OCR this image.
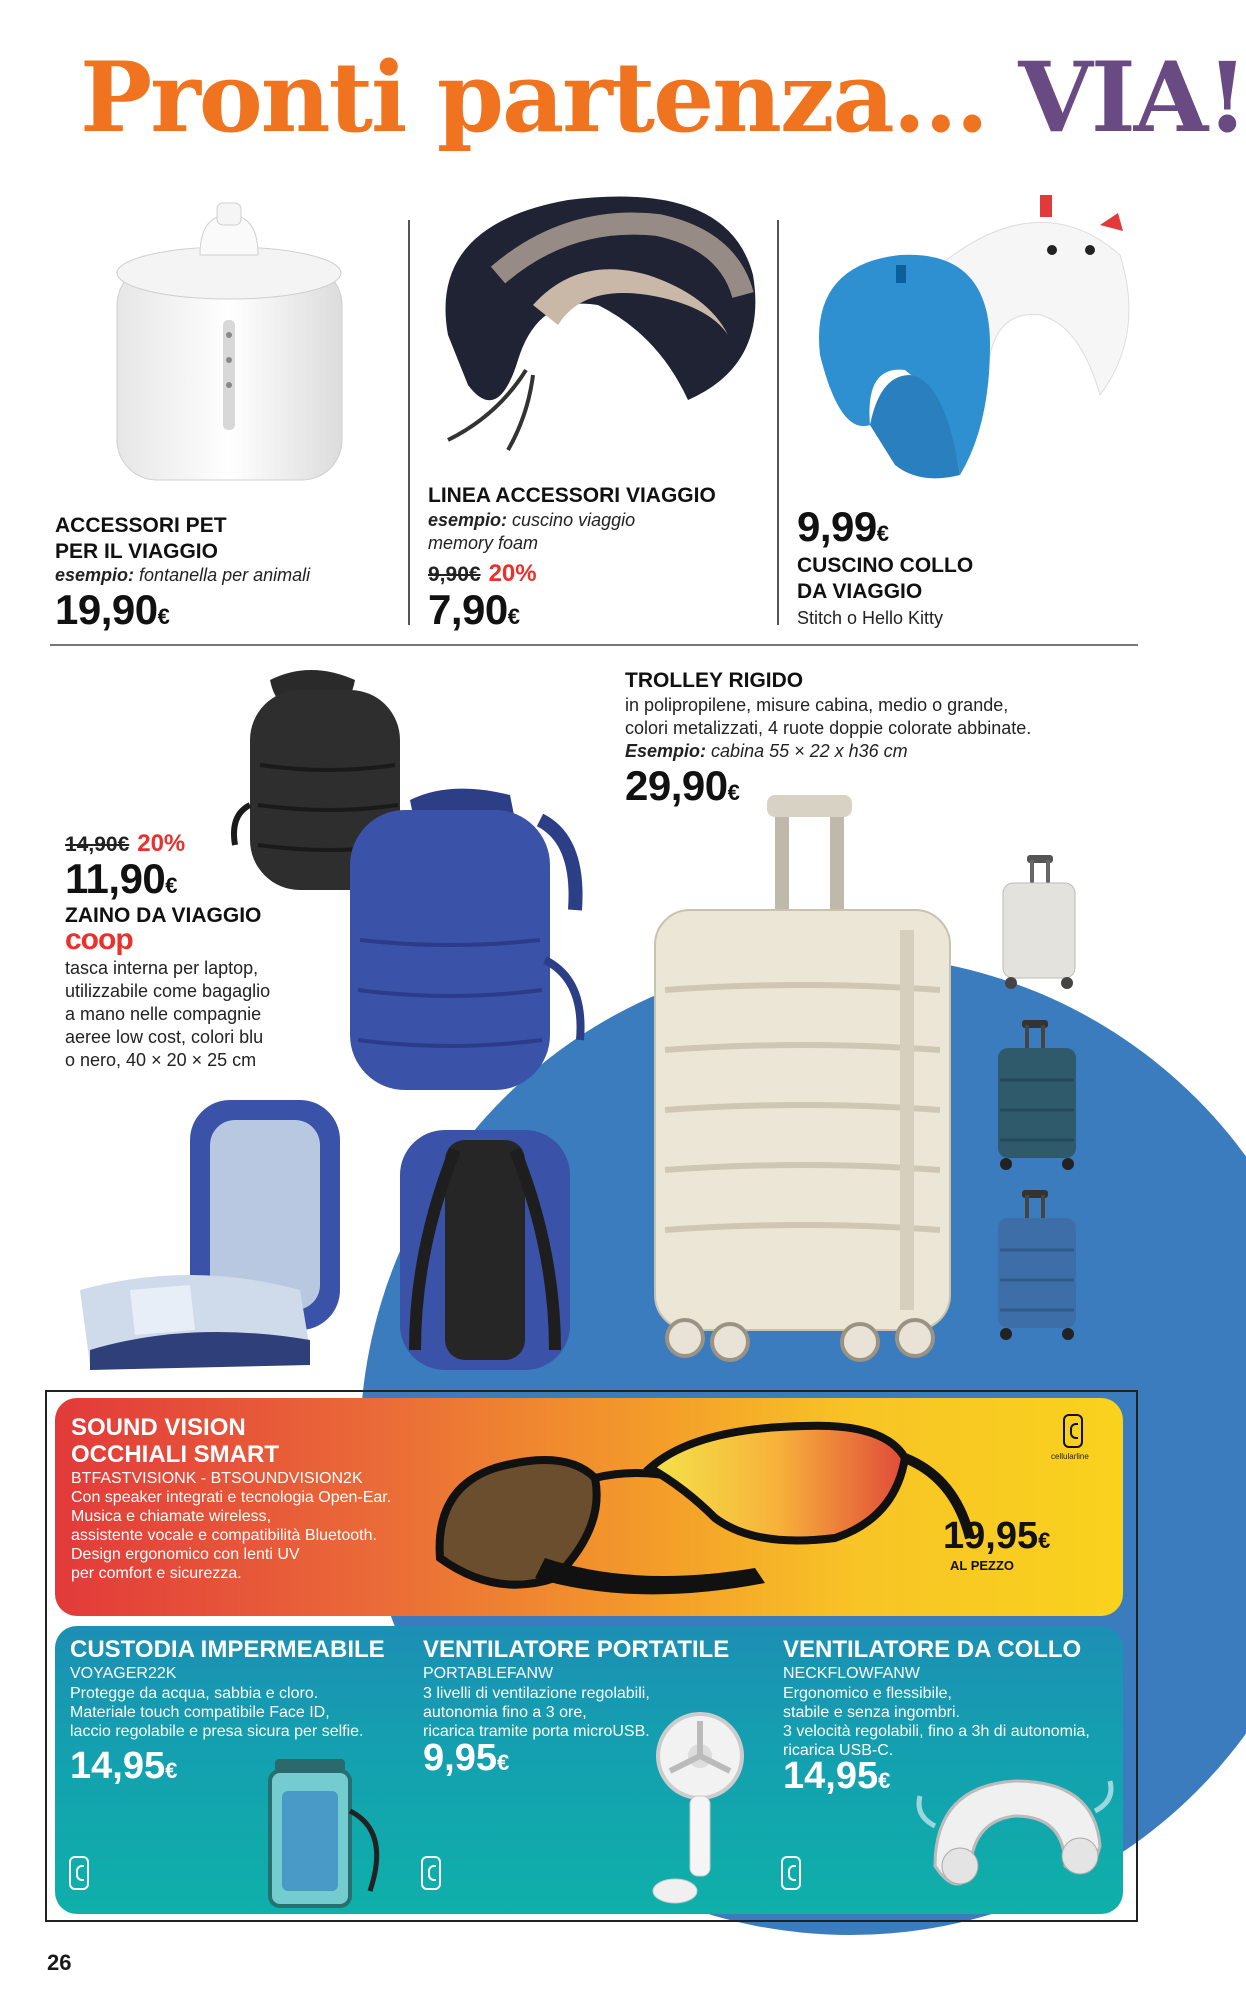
Pronti partenza... VIA!
ACCESSORI PET
PER IL VIAGGIO
esempio: fontanella per animali
19,90€
LINEA ACCESSORI VIAGGIO
esempio: cuscino viaggio
memory foam
9,90€ 20%
7,90€
9,99€
CUSCINO COLLO
DA VIAGGIO
Stitch o Hello Kitty
TROLLEY RIGIDO
in polipropilene, misure cabina, medio o grande,
colori metalizzati, 4 ruote doppie colorate abbinate.
Esempio: cabina 55 × 22 x h36 cm
29,90€
14,90€ 20%
11,90€
ZAINO DA VIAGGIO
coop
tasca interna per laptop,
utilizzabile come bagaglio
a mano nelle compagnie
aeree low cost, colori blu
o nero, 40 × 20 × 25 cm
SOUND VISION
OCCHIALI SMART
BTFASTVISIONK - BTSOUNDVISION2K
Con speaker integrati e tecnologia Open-Ear.
Musica e chiamate wireless,
assistente vocale e compatibilità Bluetooth.
Design ergonomico con lenti UV
per comfort e sicurezza.
cellularline
19,95€
AL PEZZO
CUSTODIA IMPERMEABILE
VOYAGER22K
Protegge da acqua, sabbia e cloro.
Materiale touch compatibile Face ID,
laccio regolabile e presa sicura per selfie.
14,95€
VENTILATORE PORTATILE
PORTABLEFANW
3 livelli di ventilazione regolabili,
autonomia fino a 3 ore,
ricarica tramite porta microUSB.
9,95€
VENTILATORE DA COLLO
NECKFLOWFANW
Ergonomico e flessibile,
stabile e senza ingombri.
3 velocità regolabili, fino a 3h di autonomia,
ricarica USB-C.
14,95€
26
